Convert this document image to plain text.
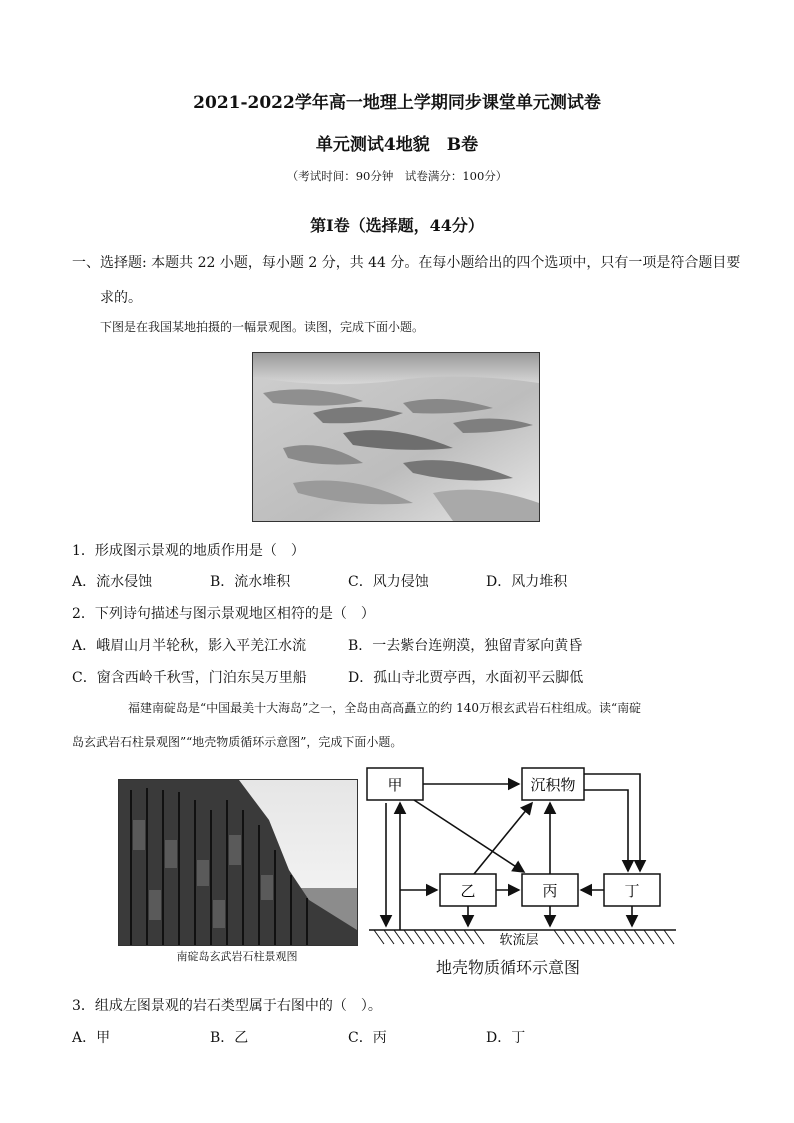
2021-2022学年高一地理上学期同步课堂单元测试卷
单元测试4地貌　B卷
（考试时间：90分钟　试卷满分：100分）
第Ⅰ卷（选择题，44分）
一、选择题: 本题共 22 小题，每小题 2 分，共 44 分。在每小题给出的四个选项中，只有一项是符合题目要
求的。
下图是在我国某地拍摄的一幅景观图。读图，完成下面小题。
1．形成图示景观的地质作用是（　）
A．流水侵蚀	B．流水堆积	C．风力侵蚀	D．风力堆积
2．下列诗句描述与图示景观地区相符的是（　）
A．峨眉山月半轮秋，影入平羌江水流	B．一去紫台连朔漠，独留青冢向黄昏
C．窗含西岭千秋雪，门泊东吴万里船	D．孤山寺北贾亭西，水面初平云脚低
福建南碇岛是“中国最美十大海岛”之一，全岛由高高矗立的约 140万根玄武岩石柱组成。读“南碇
岛玄武岩石柱景观图”“地壳物质循环示意图”，完成下面小题。
南碇岛玄武岩石柱景观图
甲	沉积物
乙	丙	丁
软流层
地壳物质循环示意图
3．组成左图景观的岩石类型属于右图中的（　）。
A．甲	B．乙	C．丙	D．丁
